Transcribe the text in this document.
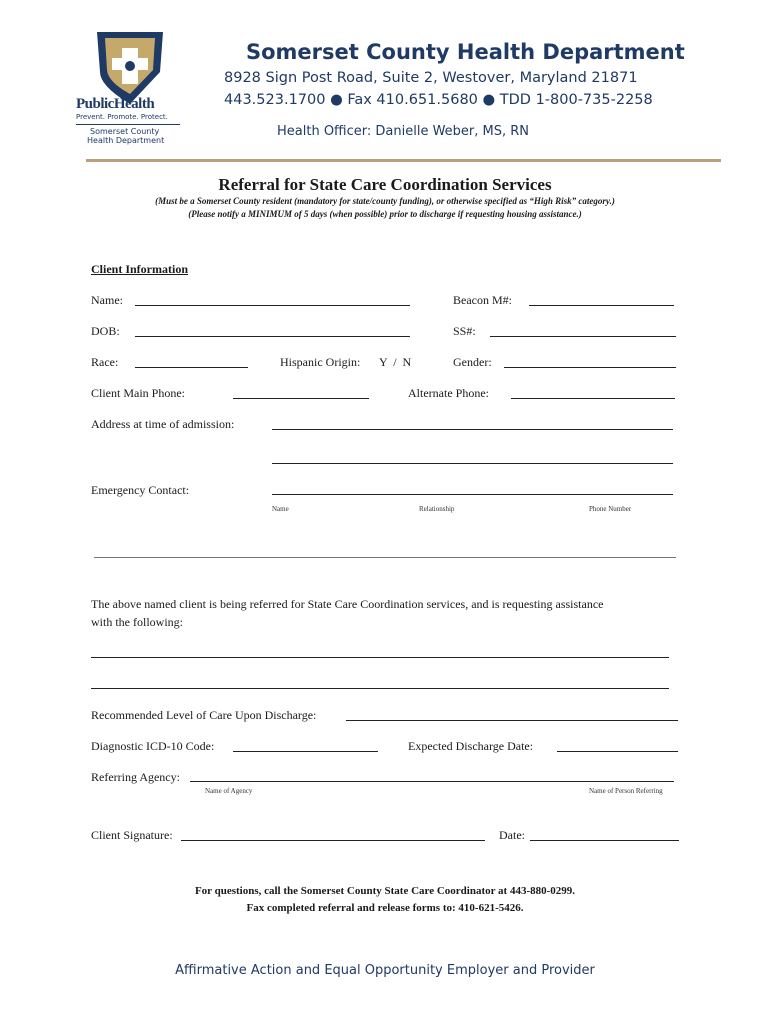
PublicHealth
Prevent. Promote. Protect.
Somerset County
Health Department
Somerset County Health Department
8928 Sign Post Road, Suite 2, Westover, Maryland 21871
443.523.1700 ● Fax 410.651.5680 ● TDD 1-800-735-2258
Health Officer: Danielle Weber, MS, RN
Referral for State Care Coordination Services
(Must be a Somerset County resident (mandatory for state/county funding), or otherwise specified as “High Risk” category.)
(Please notify a MINIMUM of 5 days (when possible) prior to discharge if requesting housing assistance.)
Client Information
Name:	Beacon M#:
DOB:	SS#:
Race:	Hispanic Origin: Y  /  N	Gender:
Client Main Phone:	Alternate Phone:
Address at time of admission:
Emergency Contact:
Name	Relationship	Phone Number
The above named client is being referred for State Care Coordination services, and is requesting assistance
with the following:
Recommended Level of Care Upon Discharge:
Diagnostic ICD-10 Code:	Expected Discharge Date:
Referring Agency:
Name of Agency	Name of Person Referring
Client Signature:	Date:
For questions, call the Somerset County State Care Coordinator at 443-880-0299.
Fax completed referral and release forms to: 410-621-5426.
Affirmative Action and Equal Opportunity Employer and Provider
